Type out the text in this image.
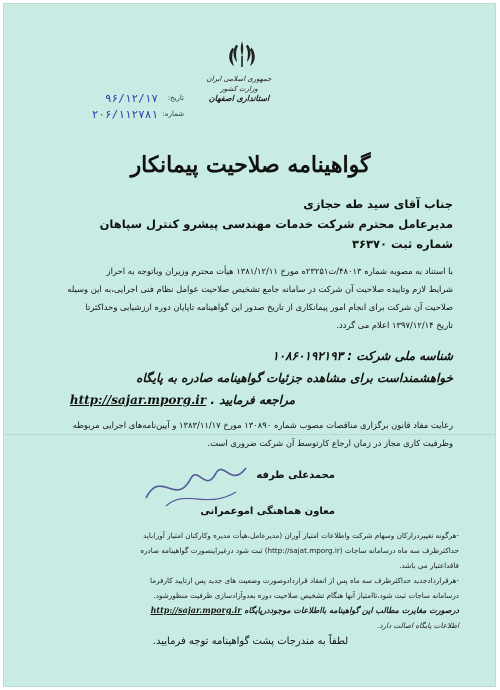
جمهوری اسلامی ایران
وزارت کشور
استانداری اصفهان
تاریخ:
۹۶/۱۲/۱۷
شماره:
۲۰۶/۱۱۲۷۸۱
گواهینامه صلاحیت پیمانکار
جناب آقای سید طه حجازی
مدیرعامل محترم شرکت خدمات مهندسی پیشرو کنترل سپاهان
شماره ثبت ۳۶۳۷۰
با استناد به مصوبه شماره ۴۸۰۱۳/ت۲۳۲۵۱ه مورخ ۱۳۸۱/۱۲/۱۱ هیأت محترم وزیران وباتوجه به احراز
شرایط لازم وتاییده صلاحیت آن شرکت در سامانه جامع تشخیص صلاحیت عوامل نظام فنی اجرایی،به این وسیله
صلاحیت آن شرکت برای انجام امور پیمانکاری از تاریخ صدور این گواهینامه تاپایان دوره ارزشیابی وحداکثرتا
تاریخ ۱۳۹۷/۱۲/۱۴ اعلام می گردد.
شناسه ملی شرکت : ۱۰۸۶۰۱۹۲۱۹۳
خواهشمنداست برای مشاهده جزئیات گواهینامه صادره به پایگاه
مراجعه فرمایید . http://sajar.mporg.ir
رعایت مفاد قانون برگزاری مناقصات مصوب شماره ۱۳۰۸۹۰ مورخ ۱۳۸۳/۱۱/۱۷ و آیین‌نامه‌های اجرایی مربوطه
وظرفیت کاری مجاز در زمان ارجاع کارتوسط آن شرکت ضروری است.
محمدعلی طرفه
معاون هماهنگی اموعمرانی

-هرگونه تغییردرارکان وسهام شرکت واطلاعات امتیاز آوران (مدیرعامل،هیأت مدیره وکارکنان امتیاز آور)باید

حداکثرظرف سه ماه درسامانه ساجات (http://sajat.mporg.ir) ثبت شود درغیراینصورت گواهینامه صادره

فاقداعتبار می باشد.

-هرقراردادجدید حداکثرظرف سه ماه پس از انعقاد قراردادوصورت وضعیت های جدید پس ازتایید کارفرما

درسامانه ساجات ثبت شود،تاامتیاز آنها هنگام تشخیص صلاحیت دوره بعدوآزادسازی ظرفیت منظورشود.

درصورت مغایرت مطالب این گواهینامه بااطلاعات موجوددرپایگاه http://sajar.mporg.ir

اطلاعات پایگاه اصالت دارد.

لطفاً به مندرجات پشت گواهینامه توجه فرمایید.
